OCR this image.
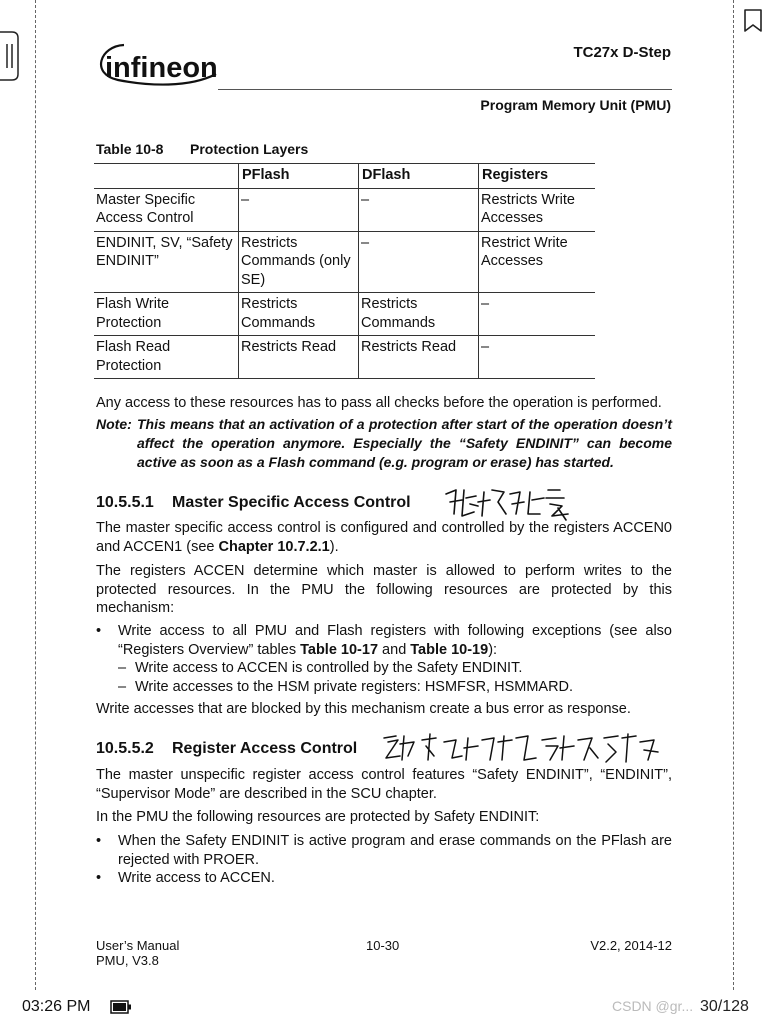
infineon	TC27x D-Step
Program Memory Unit (PMU)
Table 10-8 Protection Layers
	PFlash	DFlash	Registers
Master Specific Access Control	–	–	Restricts Write Accesses
ENDINIT, SV, “Safety ENDINIT”	Restricts Commands (only SE)	–	Restrict Write Accesses
Flash Write Protection	Restricts Commands	Restricts Commands	–
Flash Read Protection	Restricts Read	Restricts Read	–
Any access to these resources has to pass all checks before the operation is performed.
Note: This means that an activation of a protection after start of the operation doesn’t affect the operation anymore. Especially the “Safety ENDINIT” can become active as soon as a Flash command (e.g. program or erase) has started.
10.5.5.1 Master Specific Access Control
The master specific access control is configured and controlled by the registers ACCEN0 and ACCEN1 (see Chapter 10.7.2.1).
The registers ACCEN determine which master is allowed to perform writes to the protected resources. In the PMU the following resources are protected by this mechanism:
• Write access to all PMU and Flash registers with following exceptions (see also “Registers Overview” tables Table 10-17 and Table 10-19):
– Write access to ACCEN is controlled by the Safety ENDINIT.
– Write accesses to the HSM private registers: HSMFSR, HSMMARD.
Write accesses that are blocked by this mechanism create a bus error as response.
10.5.5.2 Register Access Control
The master unspecific register access control features “Safety ENDINIT”, “ENDINIT”, “Supervisor Mode” are described in the SCU chapter.
In the PMU the following resources are protected by Safety ENDINIT:
• When the Safety ENDINIT is active program and erase commands on the PFlash are rejected with PROER.
• Write access to ACCEN.
User’s Manual
PMU, V3.8
10-30	V2.2, 2014-12
03:26 PM	CSDN @gr... 30/128
